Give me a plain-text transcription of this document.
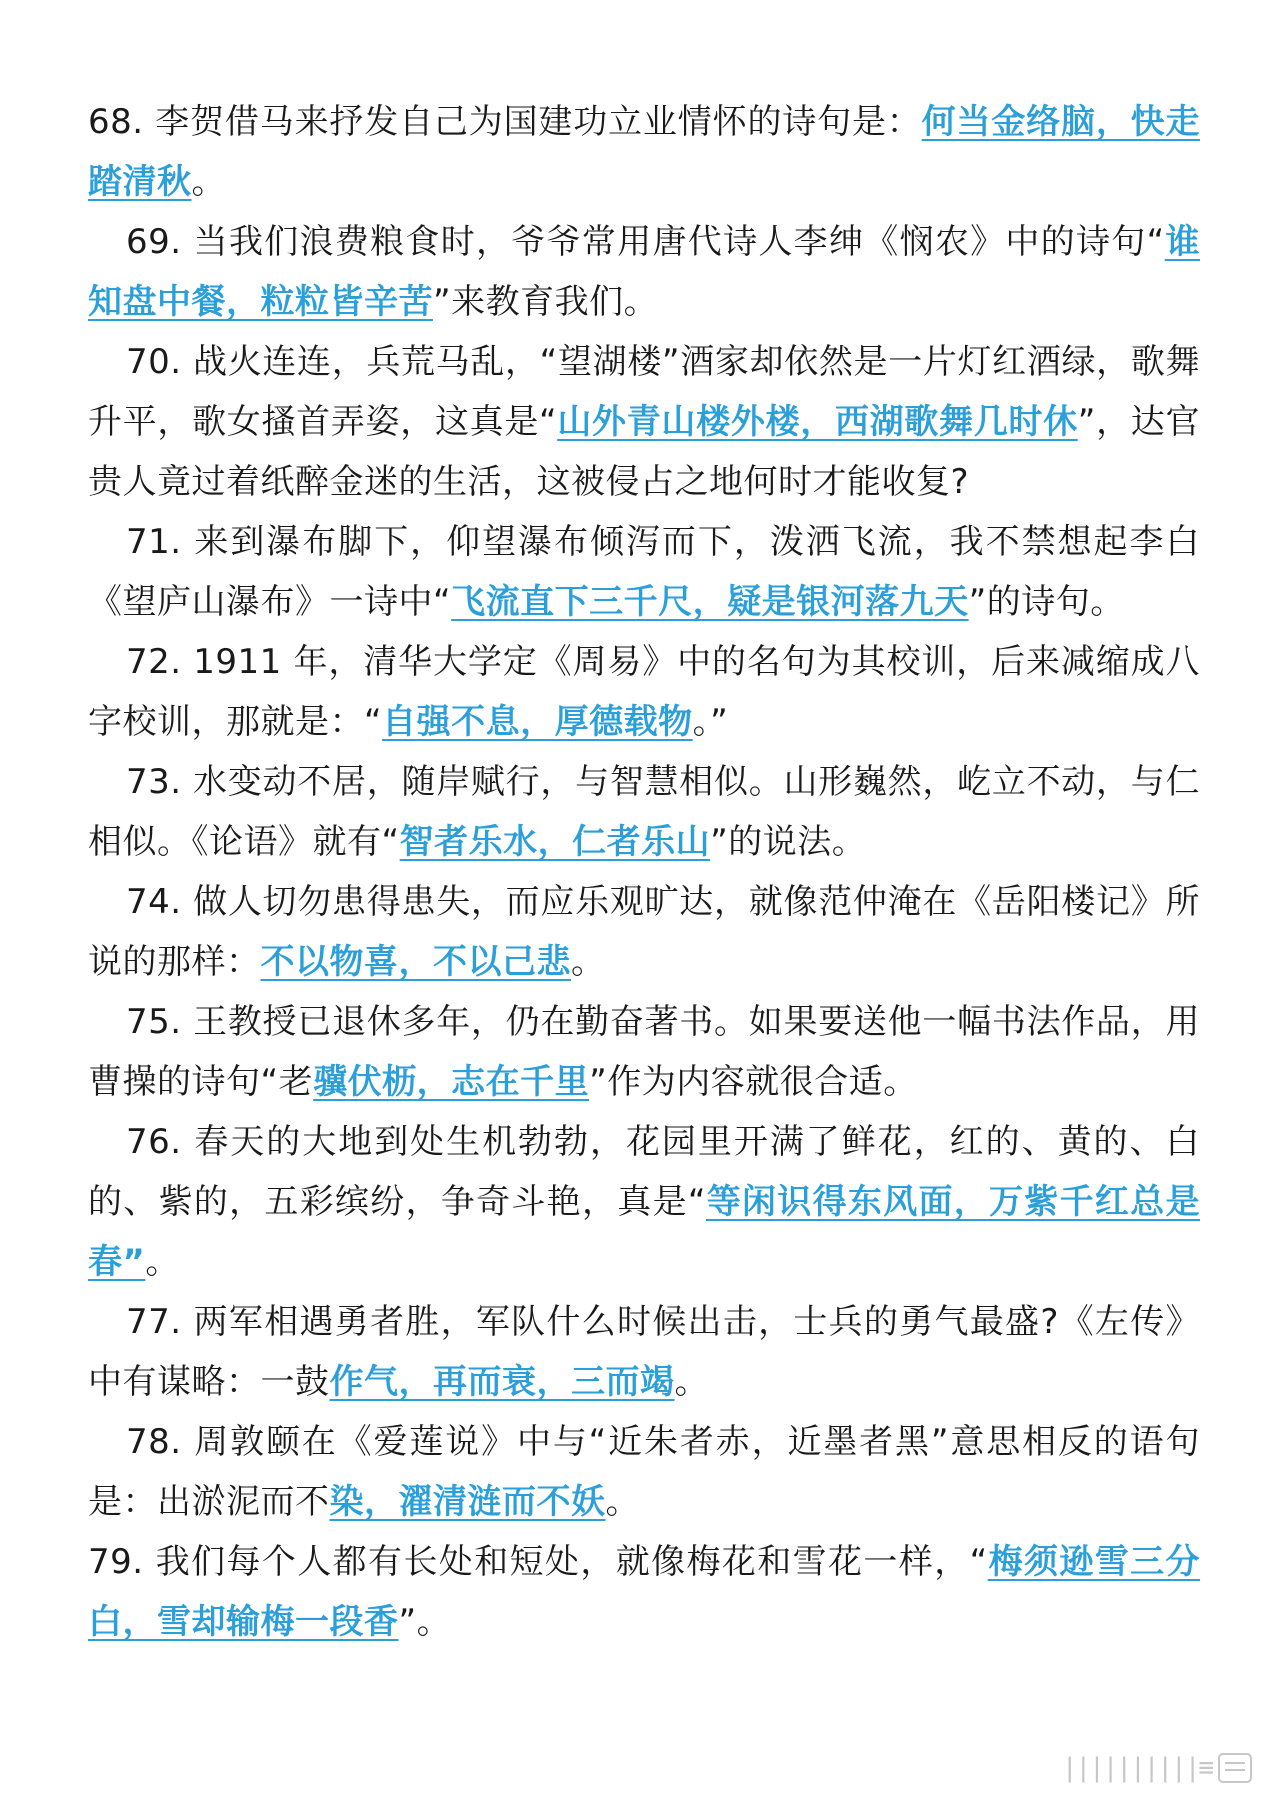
68. 李贺借马来抒发自己为国建功立业情怀的诗句是：何当金络脑，快走踏清秋。

69. 当我们浪费粮食时，爷爷常用唐代诗人李绅《悯农》中的诗句“谁知盘中餐，粒粒皆辛苦”来教育我们。

70. 战火连连，兵荒马乱，“望湖楼”酒家却依然是一片灯红酒绿，歌舞升平，歌女搔首弄姿，这真是“山外青山楼外楼，西湖歌舞几时休”，达官贵人竟过着纸醉金迷的生活，这被侵占之地何时才能收复?

71. 来到瀑布脚下，仰望瀑布倾泻而下，泼洒飞流，我不禁想起李白《望庐山瀑布》一诗中“飞流直下三千尺，疑是银河落九天”的诗句。

72. 1911 年，清华大学定《周易》中的名句为其校训，后来减缩成八字校训，那就是：“自强不息，厚德载物。”

73. 水变动不居，随岸赋行，与智慧相似。山形巍然，屹立不动，与仁相似。《论语》就有“智者乐水，仁者乐山”的说法。

74. 做人切勿患得患失，而应乐观旷达，就像范仲淹在《岳阳楼记》所说的那样：不以物喜，不以己悲。

75. 王教授已退休多年，仍在勤奋著书。如果要送他一幅书法作品，用曹操的诗句“老骥伏枥，志在千里”作为内容就很合适。

76. 春天的大地到处生机勃勃，花园里开满了鲜花，红的、黄的、白的、紫的，五彩缤纷，争奇斗艳，真是“等闲识得东风面，万紫千红总是春”。

77. 两军相遇勇者胜，军队什么时候出击，士兵的勇气最盛?《左传》中有谋略：一鼓作气，再而衰，三而竭。

78. 周敦颐在《爱莲说》中与“近朱者赤，近墨者黑”意思相反的语句是：出淤泥而不染，濯清涟而不妖。

79. 我们每个人都有长处和短处，就像梅花和雪花一样，“梅须逊雪三分白，雪却输梅一段香”。

||||||||||≡
